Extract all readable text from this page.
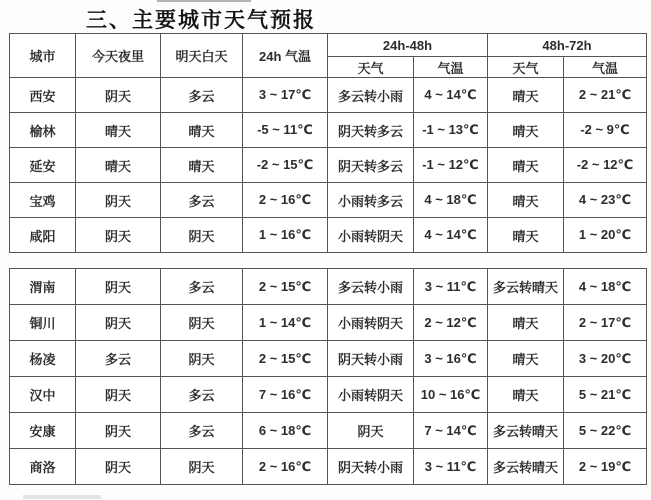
三、主要城市天气预报
城市	今天夜里	明天白天	24h 气温	24h-48h		48h-72h	
				天气	气温	天气	气温
西安	阴天	多云	3 ~ 17℃	多云转小雨	4 ~ 14℃	晴天	2 ~ 21℃
榆林	晴天	晴天	-5 ~ 11℃	阴天转多云	-1 ~ 13℃	晴天	-2 ~ 9℃
延安	晴天	晴天	-2 ~ 15℃	阴天转多云	-1 ~ 12℃	晴天	-2 ~ 12℃
宝鸡	阴天	多云	2 ~ 16℃	小雨转多云	4 ~ 18℃	晴天	4 ~ 23℃
咸阳	阴天	阴天	1 ~ 16℃	小雨转阴天	4 ~ 14℃	晴天	1 ~ 20℃
渭南	阴天	多云	2 ~ 15℃	多云转小雨	3 ~ 11℃	多云转晴天	4 ~ 18℃
铜川	阴天	阴天	1 ~ 14℃	小雨转阴天	2 ~ 12℃	晴天	2 ~ 17℃
杨凌	多云	阴天	2 ~ 15℃	阴天转小雨	3 ~ 16℃	晴天	3 ~ 20℃
汉中	阴天	多云	7 ~ 16℃	小雨转阴天	10 ~ 16℃	晴天	5 ~ 21℃
安康	阴天	多云	6 ~ 18℃	阴天	7 ~ 14℃	多云转晴天	5 ~ 22℃
商洛	阴天	阴天	2 ~ 16℃	阴天转小雨	3 ~ 11℃	多云转晴天	2 ~ 19℃
